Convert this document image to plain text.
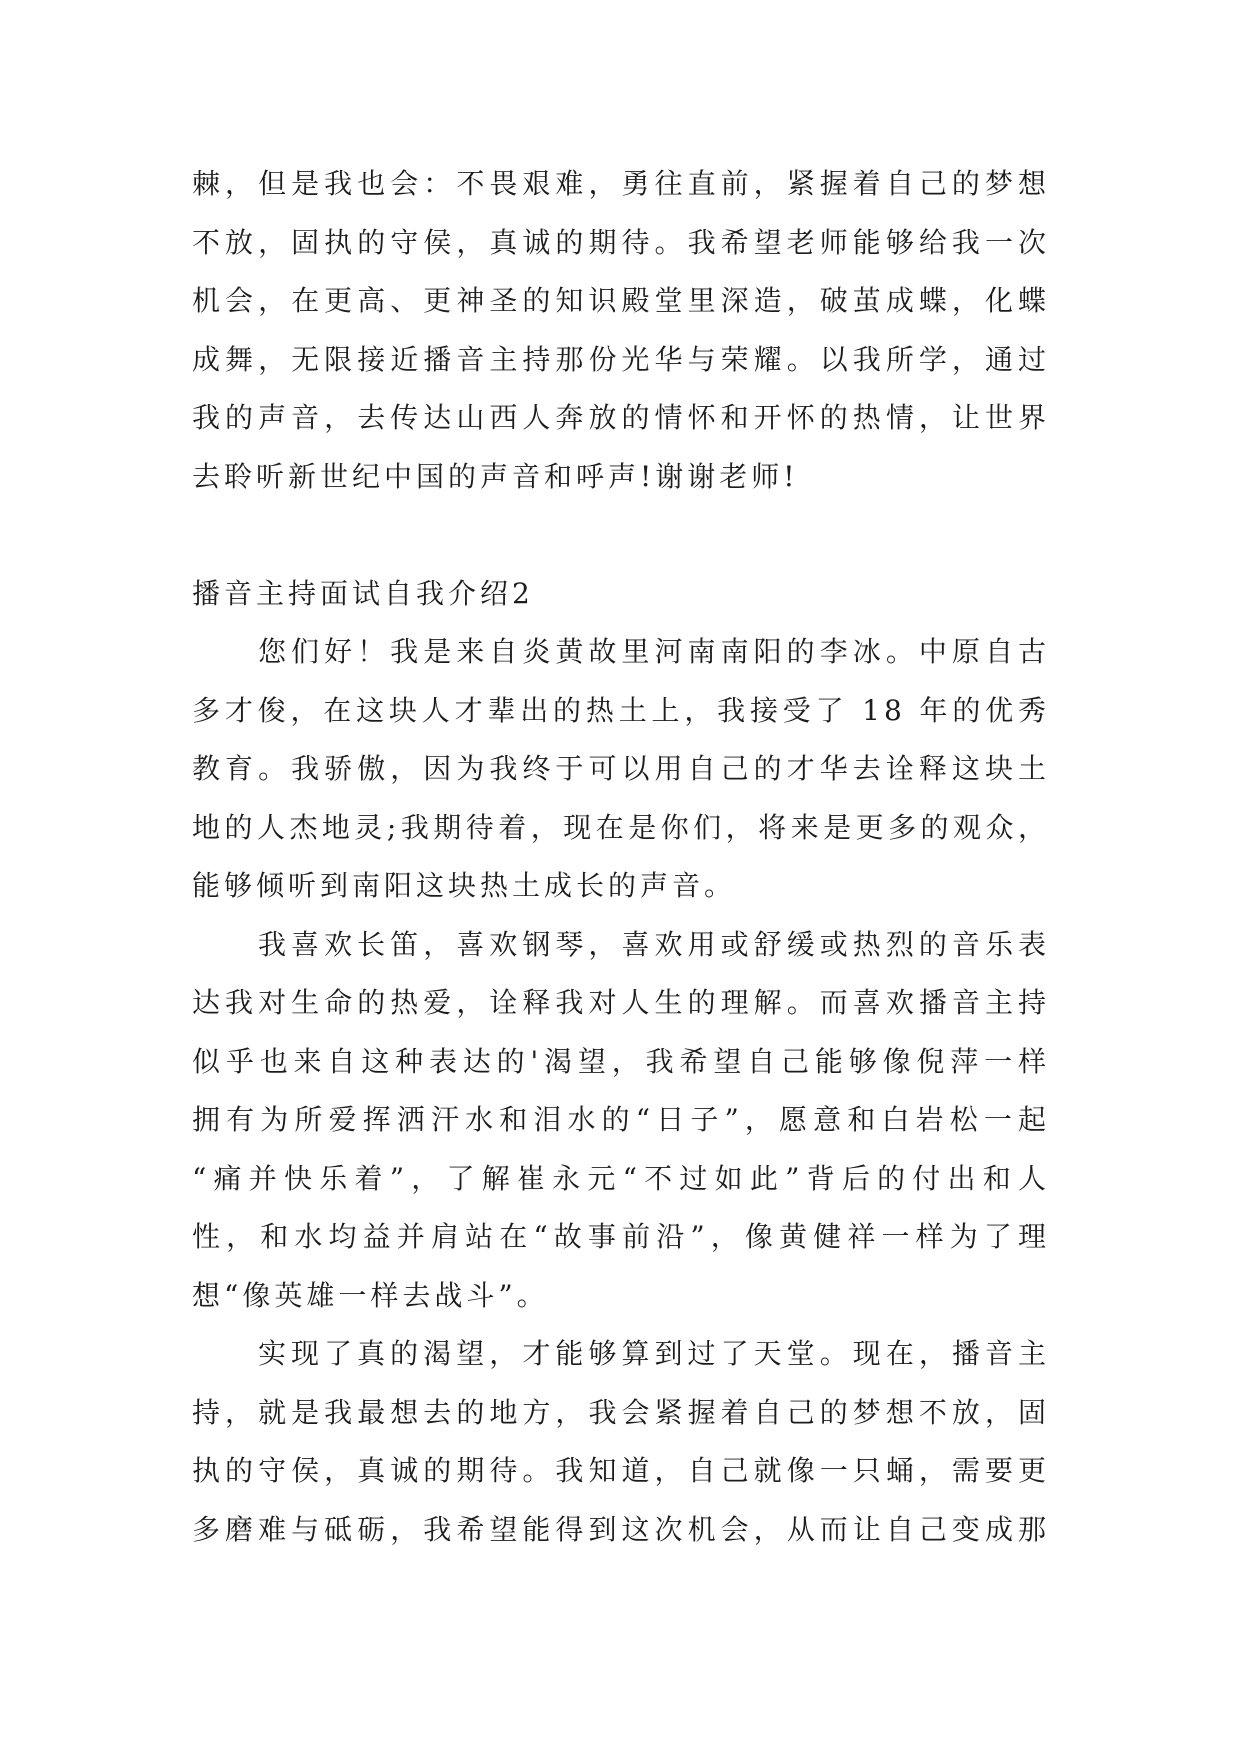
棘，但是我也会：不畏艰难，勇往直前，紧握着自己的梦想
不放，固执的守侯，真诚的期待。我希望老师能够给我一次
机会，在更高、更神圣的知识殿堂里深造，破茧成蝶，化蝶
成舞，无限接近播音主持那份光华与荣耀。以我所学，通过
我的声音，去传达山西人奔放的情怀和开怀的热情，让世界
去聆听新世纪中国的声音和呼声!谢谢老师!
播音主持面试自我介绍2
您们好！我是来自炎黄故里河南南阳的李冰。中原自古
多才俊，在这块人才辈出的热土上，我接受了 18 年的优秀
教育。我骄傲，因为我终于可以用自己的才华去诠释这块土
地的人杰地灵;我期待着，现在是你们，将来是更多的观众，
能够倾听到南阳这块热土成长的声音。
我喜欢长笛，喜欢钢琴，喜欢用或舒缓或热烈的音乐表
达我对生命的热爱，诠释我对人生的理解。而喜欢播音主持
似乎也来自这种表达的'渴望，我希望自己能够像倪萍一样
拥有为所爱挥洒汗水和泪水的“日子”，愿意和白岩松一起
“痛并快乐着”，了解崔永元“不过如此”背后的付出和人
性，和水均益并肩站在“故事前沿”，像黄健祥一样为了理
想“像英雄一样去战斗”。
实现了真的渴望，才能够算到过了天堂。现在，播音主
持，就是我最想去的地方，我会紧握着自己的梦想不放，固
执的守侯，真诚的期待。我知道，自己就像一只蛹，需要更
多磨难与砥砺，我希望能得到这次机会，从而让自己变成那
